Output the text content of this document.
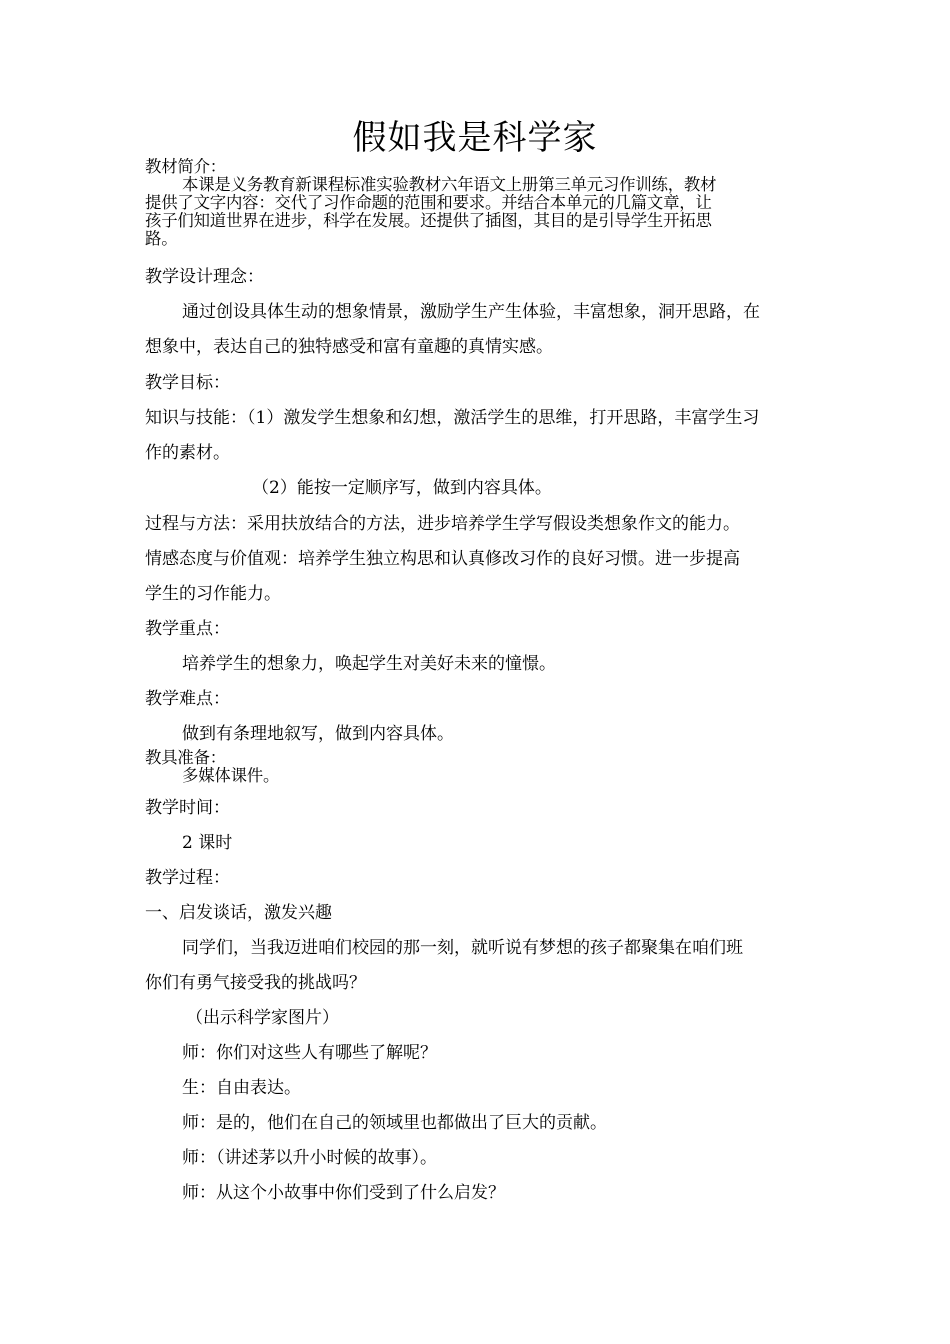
假如我是科学家
教材简介：
本课是义务教育新课程标准实验教材六年语文上册第三单元习作训练，教材
提供了文字内容：交代了习作命题的范围和要求。并结合本单元的几篇文章，让
孩子们知道世界在进步，科学在发展。还提供了插图，其目的是引导学生开拓思
路。
教学设计理念：
通过创设具体生动的想象情景，激励学生产生体验，丰富想象，洞开思路，在
想象中，表达自己的独特感受和富有童趣的真情实感。
教学目标：
知识与技能：（1）激发学生想象和幻想，激活学生的思维，打开思路，丰富学生习
作的素材。
（2）能按一定顺序写，做到内容具体。
过程与方法：采用扶放结合的方法，进步培养学生学写假设类想象作文的能力。
情感态度与价值观：培养学生独立构思和认真修改习作的良好习惯。进一步提高
学生的习作能力。
教学重点：
培养学生的想象力，唤起学生对美好未来的憧憬。
教学难点：
做到有条理地叙写，做到内容具体。
教具准备：
多媒体课件。
教学时间：
2 课时
教学过程：
一、启发谈话，激发兴趣
同学们，当我迈进咱们校园的那一刻，就听说有梦想的孩子都聚集在咱们班
你们有勇气接受我的挑战吗？
（出示科学家图片）
师：你们对这些人有哪些了解呢？
生：自由表达。
师：是的，他们在自己的领域里也都做出了巨大的贡献。
师：（讲述茅以升小时候的故事）。
师：从这个小故事中你们受到了什么启发？
